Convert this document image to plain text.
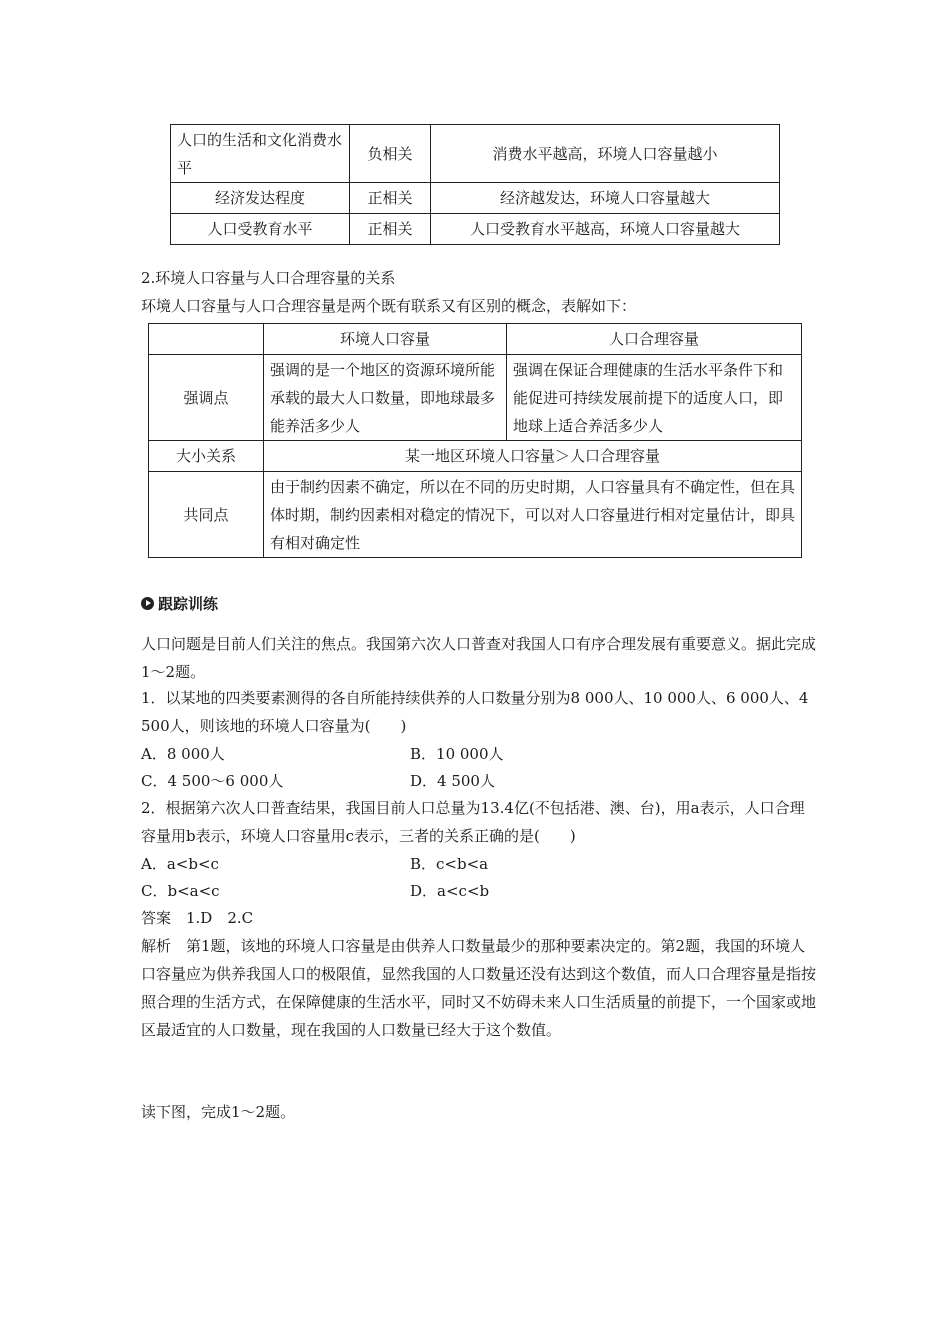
人口的生活和文化消费水平	负相关	消费水平越高，环境人口容量越小
经济发达程度	正相关	经济越发达，环境人口容量越大
人口受教育水平	正相关	人口受教育水平越高，环境人口容量越大

2.环境人口容量与人口合理容量的关系

环境人口容量与人口合理容量是两个既有联系又有区别的概念，表解如下：

	环境人口容量	人口合理容量
强调点	强调的是一个地区的资源环境所能承载的最大人口数量，即地球最多能养活多少人	强调在保证合理健康的生活水平条件下和能促进可持续发展前提下的适度人口，即地球上适合养活多少人
大小关系	某一地区环境人口容量＞人口合理容量	
共同点	由于制约因素不确定，所以在不同的历史时期，人口容量具有不确定性，但在具体时期，制约因素相对稳定的情况下，可以对人口容量进行相对定量估计，即具有相对确定性	
跟踪训练

人口问题是目前人们关注的焦点。我国第六次人口普查对我国人口有序合理发展有重要意义。据此完成1～2题。

1．以某地的四类要素测得的各自所能持续供养的人口数量分别为8 000人、10 000人、6 000人、4 500人，则该地的环境人口容量为(　　)

A．8 000人	B．10 000人
C．4 500～6 000人	D．4 500人

2．根据第六次人口普查结果，我国目前人口总量为13.4亿(不包括港、澳、台)，用a表示，人口合理容量用b表示，环境人口容量用c表示，三者的关系正确的是(　　)

A．a<b<c	B．c<b<a
C．b<a<c	D．a<c<b

答案　1.D　2.C

解析　第1题，该地的环境人口容量是由供养人口数量最少的那种要素决定的。第2题，我国的环境人口容量应为供养我国人口的极限值，显然我国的人口数量还没有达到这个数值，而人口合理容量是指按照合理的生活方式，在保障健康的生活水平，同时又不妨碍未来人口生活质量的前提下，一个国家或地区最适宜的人口数量，现在我国的人口数量已经大于这个数值。

读下图，完成1～2题。
